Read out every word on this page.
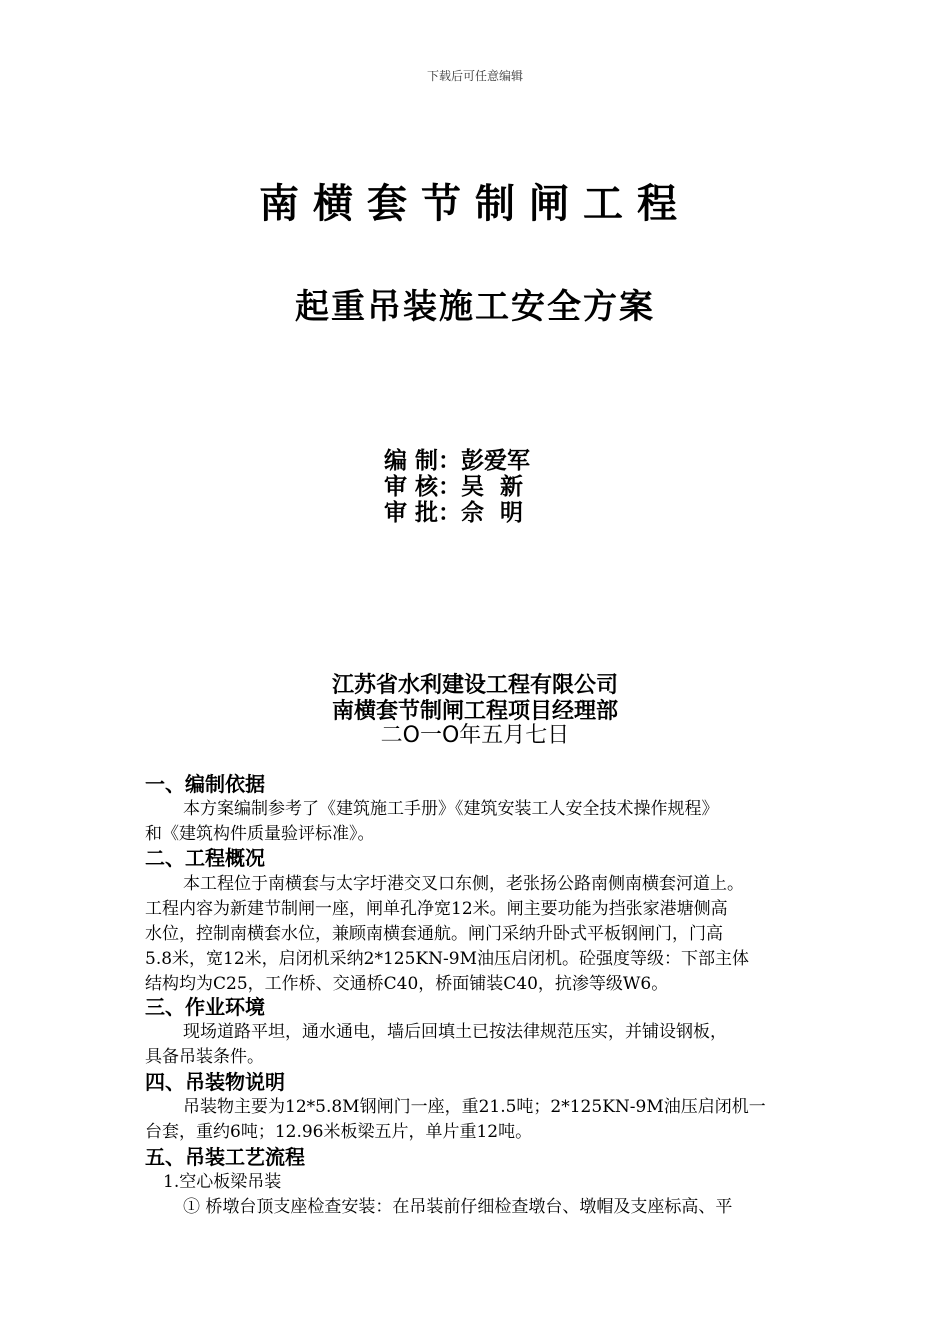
下载后可任意编辑
南横套节制闸工程
起重吊装施工安全方案
编 制：彭爱军
审 核：吴  新
审 批：佘  明
江苏省水利建设工程有限公司
南横套节制闸工程项目经理部
二O一O年五月七日
一、编制依据
本方案编制参考了《建筑施工手册》《建筑安装工人安全技术操作规程》
和《建筑构件质量验评标准》。
二、工程概况
本工程位于南横套与太字圩港交叉口东侧，老张扬公路南侧南横套河道上。
工程内容为新建节制闸一座，闸单孔净宽12米。闸主要功能为挡张家港塘侧高
水位，控制南横套水位，兼顾南横套通航。闸门采纳升卧式平板钢闸门，门高
5.8米，宽12米，启闭机采纳2*125KN-9M油压启闭机。砼强度等级：下部主体
结构均为C25，工作桥、交通桥C40，桥面铺装C40，抗渗等级W6。
三、作业环境
现场道路平坦，通水通电，墙后回填土已按法律规范压实，并铺设钢板，
具备吊装条件。
四、吊装物说明
吊装物主要为12*5.8M钢闸门一座，重21.5吨；2*125KN-9M油压启闭机一
台套，重约6吨；12.96米板梁五片，单片重12吨。
五、吊装工艺流程
1.空心板梁吊装
① 桥墩台顶支座检查安装：在吊装前仔细检查墩台、墩帽及支座标高、平
